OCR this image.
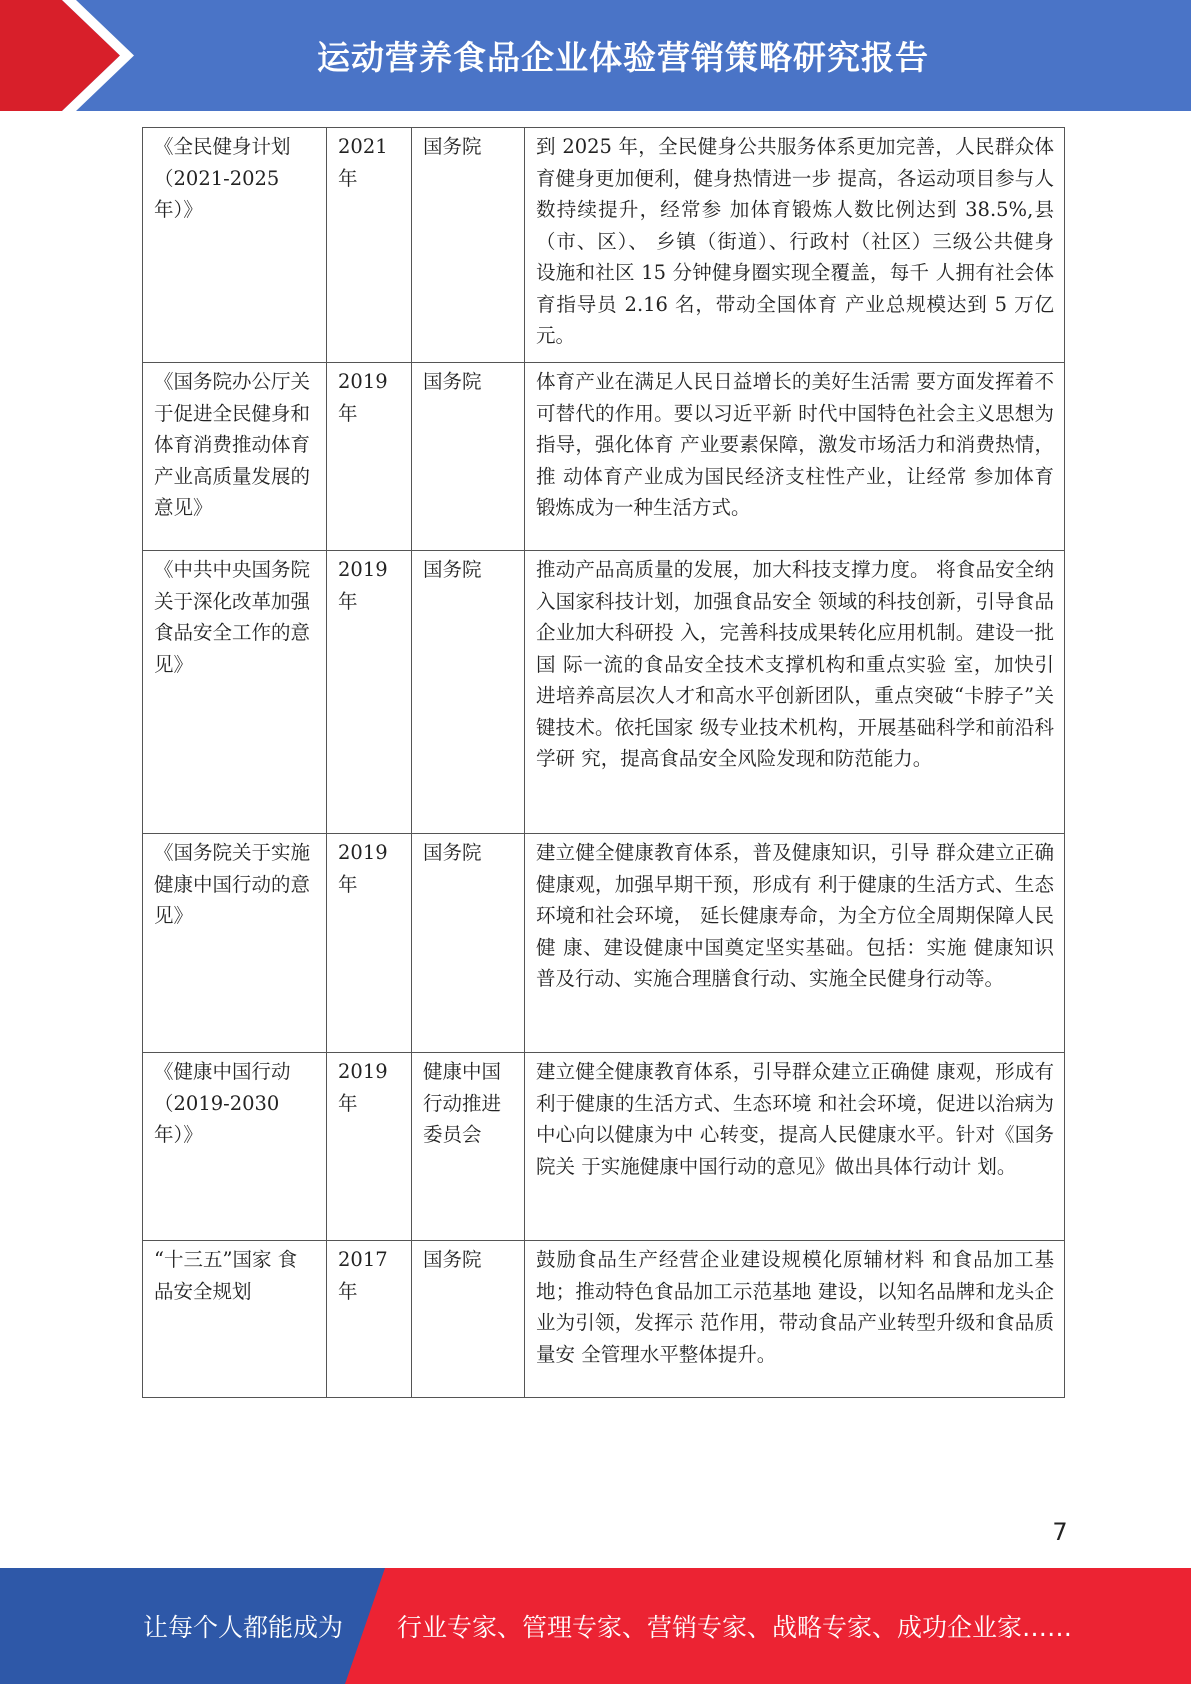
运动营养食品企业体验营销策略研究报告
《全民健身计划（2021-2025年）》	2021年	国务院	到 2025 年，全民健身公共服务体系更加完善，人民群众体育健身更加便利，健身热情进一步 提高，各运动项目参与人数持续提升，经常参 加体育锻炼人数比例达到 38.5%,县（市、区）、 乡镇（街道）、行政村（社区）三级公共健身 设施和社区 15 分钟健身圈实现全覆盖，每千 人拥有社会体育指导员 2.16 名，带动全国体育 产业总规模达到 5 万亿元。
《国务院办公厅关于促进全民健身和体育消费推动体育产业高质量发展的意见》	2019年	国务院	体育产业在满足人民日益增长的美好生活需 要方面发挥着不可替代的作用。要以习近平新 时代中国特色社会主义思想为指导，强化体育 产业要素保障，激发市场活力和消费热情，推 动体育产业成为国民经济支柱性产业，让经常 参加体育锻炼成为一种生活方式。
《中共中央国务院关于深化改革加强食品安全工作的意见》	2019年	国务院	推动产品高质量的发展，加大科技支撑力度。 将食品安全纳入国家科技计划，加强食品安全 领域的科技创新，引导食品企业加大科研投 入，完善科技成果转化应用机制。建设一批国 际一流的食品安全技术支撑机构和重点实验 室，加快引进培养高层次人才和高水平创新团队，重点突破“卡脖子”关键技术。依托国家 级专业技术机构，开展基础科学和前沿科学研 究，提高食品安全风险发现和防范能力。
《国务院关于实施健康中国行动的意见》	2019年	国务院	建立健全健康教育体系，普及健康知识，引导 群众建立正确健康观，加强早期干预，形成有 利于健康的生活方式、生态环境和社会环境， 延长健康寿命，为全方位全周期保障人民健 康、建设健康中国奠定坚实基础。包括：实施 健康知识普及行动、实施合理膳食行动、实施全民健身行动等。
《健康中国行动（2019-2030年）》	2019年	健康中国行动推进委员会	建立健全健康教育体系，引导群众建立正确健 康观，形成有利于健康的生活方式、生态环境 和社会环境，促进以治病为中心向以健康为中 心转变，提高人民健康水平。针对《国务院关 于实施健康中国行动的意见》做出具体行动计 划。
“十三五”国家 食品安全规划	2017年	国务院	鼓励食品生产经营企业建设规模化原辅材料 和食品加工基地；推动特色食品加工示范基地 建设，以知名品牌和龙头企业为引领，发挥示 范作用，带动食品产业转型升级和食品质量安 全管理水平整体提升。
7
让每个人都能成为 行业专家、管理专家、营销专家、战略专家、成功企业家……
